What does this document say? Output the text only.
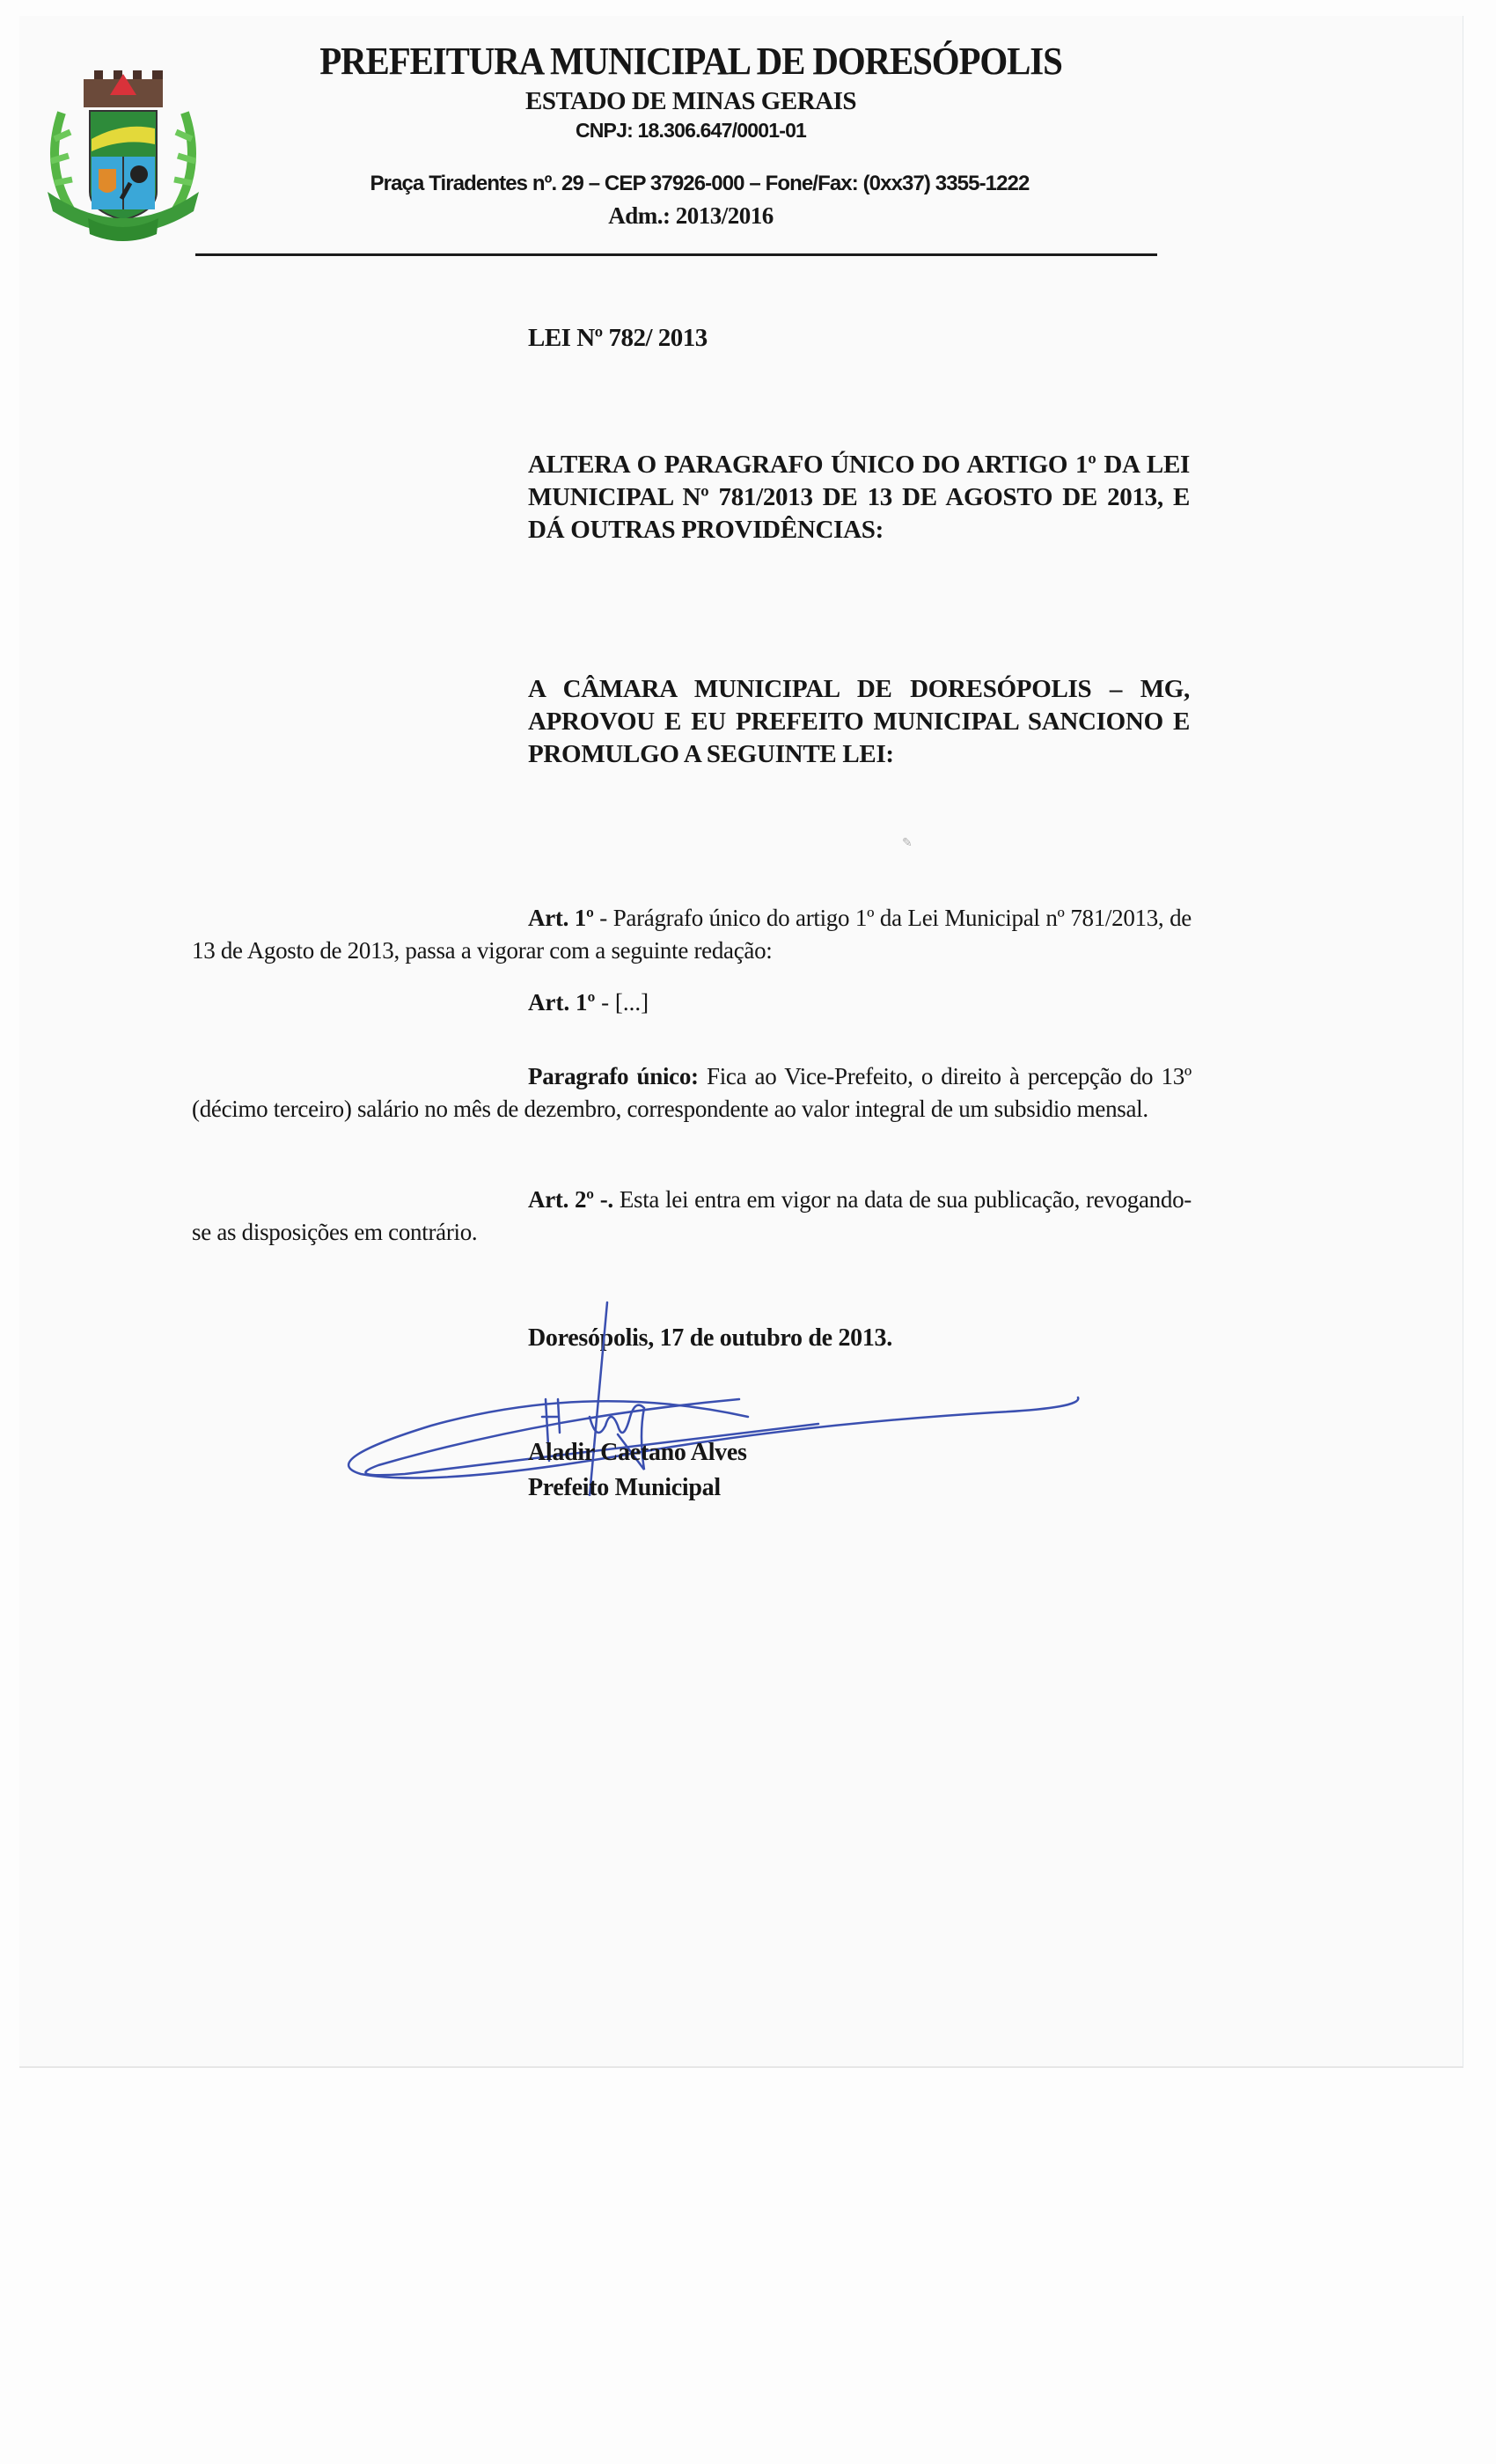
PREFEITURA MUNICIPAL DE DORESÓPOLIS
ESTADO DE MINAS GERAIS
CNPJ: 18.306.647/0001-01
Praça Tiradentes nº. 29 – CEP 37926-000 – Fone/Fax: (0xx37) 3355-1222
Adm.: 2013/2016
LEI Nº 782/ 2013
ALTERA O PARAGRAFO ÚNICO DO ARTIGO 1º DA LEI MUNICIPAL Nº 781/2013 DE 13 DE AGOSTO DE 2013, E DÁ OUTRAS PROVIDÊNCIAS:
A CÂMARA MUNICIPAL DE DORESÓPOLIS – MG, APROVOU E EU PREFEITO MUNICIPAL SANCIONO E PROMULGO A SEGUINTE LEI:
✎
Art. 1º - Parágrafo único do artigo 1º da Lei Municipal nº 781/2013, de 13 de Agosto de 2013, passa a vigorar com a seguinte redação:
Art. 1º - [...]
Paragrafo único: Fica ao Vice-Prefeito, o direito à percepção do 13º (décimo terceiro) salário no mês de dezembro, correspondente ao valor integral de um subsidio mensal.
Art. 2º -. Esta lei entra em vigor na data de sua publicação, revogando-se as disposições em contrário.
Doresópolis, 17 de outubro de 2013.
Aladir Caetano Alves
Prefeito Municipal
